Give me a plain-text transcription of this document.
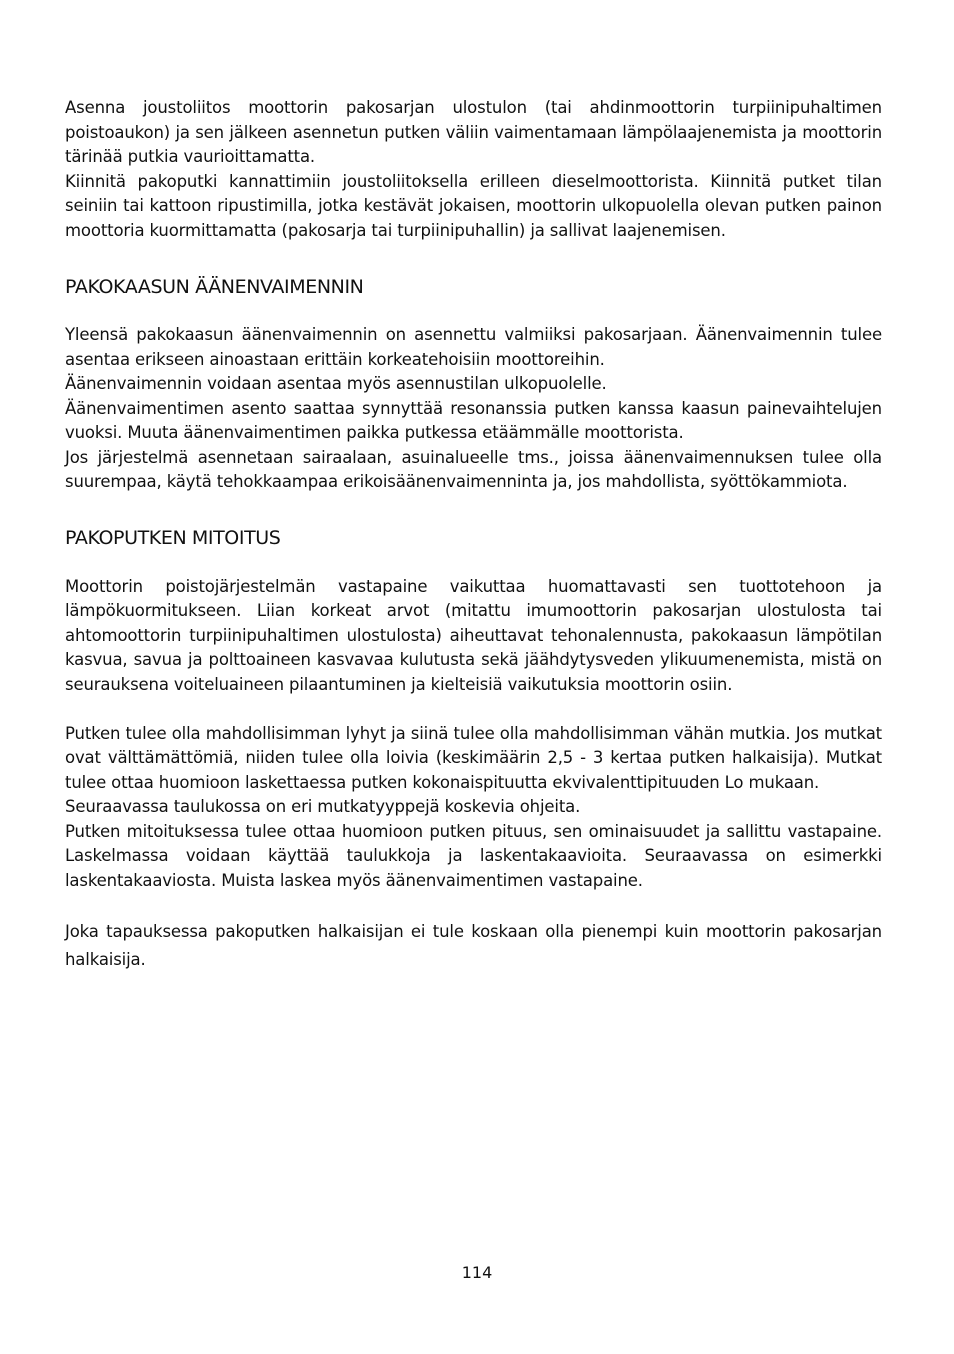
Asenna joustoliitos moottorin pakosarjan ulostulon (tai ahdinmoottorin turpiinipuhaltimen poistoaukon) ja sen jälkeen asennetun putken väliin vaimentamaan lämpölaajenemista ja moottorin tärinää putkia vaurioittamatta.

Kiinnitä pakoputki kannattimiin joustoliitoksella erilleen dieselmoottorista. Kiinnitä putket tilan seiniin tai kattoon ripustimilla, jotka kestävät jokaisen, moottorin ulkopuolella olevan putken painon moottoria kuormittamatta (pakosarja tai turpiinipuhallin) ja sallivat laajenemisen.

PAKOKAASUN ÄÄNENVAIMENNIN

Yleensä pakokaasun äänenvaimennin on asennettu valmiiksi pakosarjaan. Äänenvaimennin tulee asentaa erikseen ainoastaan erittäin korkeatehoisiin moottoreihin.

Äänenvaimennin voidaan asentaa myös asennustilan ulkopuolelle.

Äänenvaimentimen asento saattaa synnyttää resonanssia putken kanssa kaasun painevaihtelujen vuoksi. Muuta äänenvaimentimen paikka putkessa etäämmälle moottorista.

Jos järjestelmä asennetaan sairaalaan, asuinalueelle tms., joissa äänenvaimennuksen tulee olla suurempaa, käytä tehokkaampaa erikoisäänenvaimenninta ja, jos mahdollista, syöttökammiota.

PAKOPUTKEN MITOITUS

Moottorin poistojärjestelmän vastapaine vaikuttaa huomattavasti sen tuottotehoon ja lämpökuormitukseen. Liian korkeat arvot (mitattu imumoottorin pakosarjan ulostulosta tai ahtomoottorin turpiinipuhaltimen ulostulosta) aiheuttavat tehonalennusta, pakokaasun lämpötilan kasvua, savua ja polttoaineen kasvavaa kulutusta sekä jäähdytysveden ylikuumenemista, mistä on seurauksena voiteluaineen pilaantuminen ja kielteisiä vaikutuksia moottorin osiin.

Putken tulee olla mahdollisimman lyhyt ja siinä tulee olla mahdollisimman vähän mutkia. Jos mutkat ovat välttämättömiä, niiden tulee olla loivia (keskimäärin 2,5 - 3 kertaa putken halkaisija). Mutkat tulee ottaa huomioon laskettaessa putken kokonaispituutta ekvivalenttipituuden Lo mukaan.

Seuraavassa taulukossa on eri mutkatyyppejä koskevia ohjeita.

Putken mitoituksessa tulee ottaa huomioon putken pituus, sen ominaisuudet ja sallittu vastapaine. Laskelmassa voidaan käyttää taulukkoja ja laskentakaavioita. Seuraavassa on esimerkki laskentakaaviosta. Muista laskea myös äänenvaimentimen vastapaine.

Joka tapauksessa pakoputken halkaisijan ei tule koskaan olla pienempi kuin moottorin pakosarjan halkaisija.

114
